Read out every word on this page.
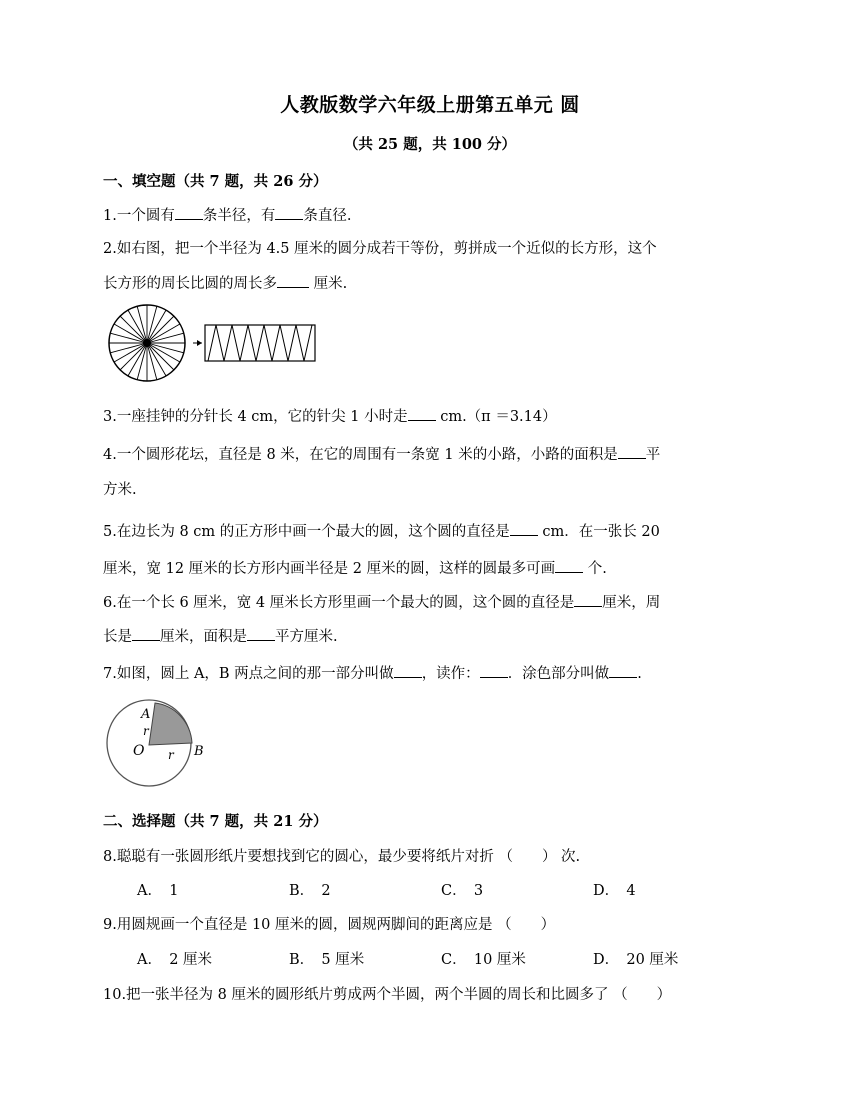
人教版数学六年级上册第五单元 圆
（共 25 题，共 100 分）
一、填空题（共 7 题，共 26 分）
1.一个圆有 条半径，有 条直径.
2.如右图，把一个半径为 4.5 厘米的圆分成若干等份，剪拼成一个近似的长方形，这个
长方形的周长比圆的周长多 厘米.
3.一座挂钟的分针长 4 cm，它的针尖 1 小时走 cm.（π ＝3.14）
4.一个圆形花坛，直径是 8 米，在它的周围有一条宽 1 米的小路，小路的面积是 平
方米.
5.在边长为 8 cm 的正方形中画一个最大的圆，这个圆的直径是 cm．在一张长 20
厘米，宽 12 厘米的长方形内画半径是 2 厘米的圆，这样的圆最多可画 个.
6.在一个长 6 厘米，宽 4 厘米长方形里画一个最大的圆，这个圆的直径是 厘米，周
长是 厘米，面积是 平方厘米.
7.如图，圆上 A，B 两点之间的那一部分叫做 ，读作： ．涂色部分叫做 .
A
r
O r B
二、选择题（共 7 题，共 21 分）
8.聪聪有一张圆形纸片要想找到它的圆心，最少要将纸片对折 （　　） 次.
A．　1	B．　2	C．　3	D．　4
9.用圆规画一个直径是 10 厘米的圆，圆规两脚间的距离应是 （　　）
A．　2 厘米	B．　5 厘米	C．　10 厘米	D．　20 厘米
10.把一张半径为 8 厘米的圆形纸片剪成两个半圆，两个半圆的周长和比圆多了 （　　）
